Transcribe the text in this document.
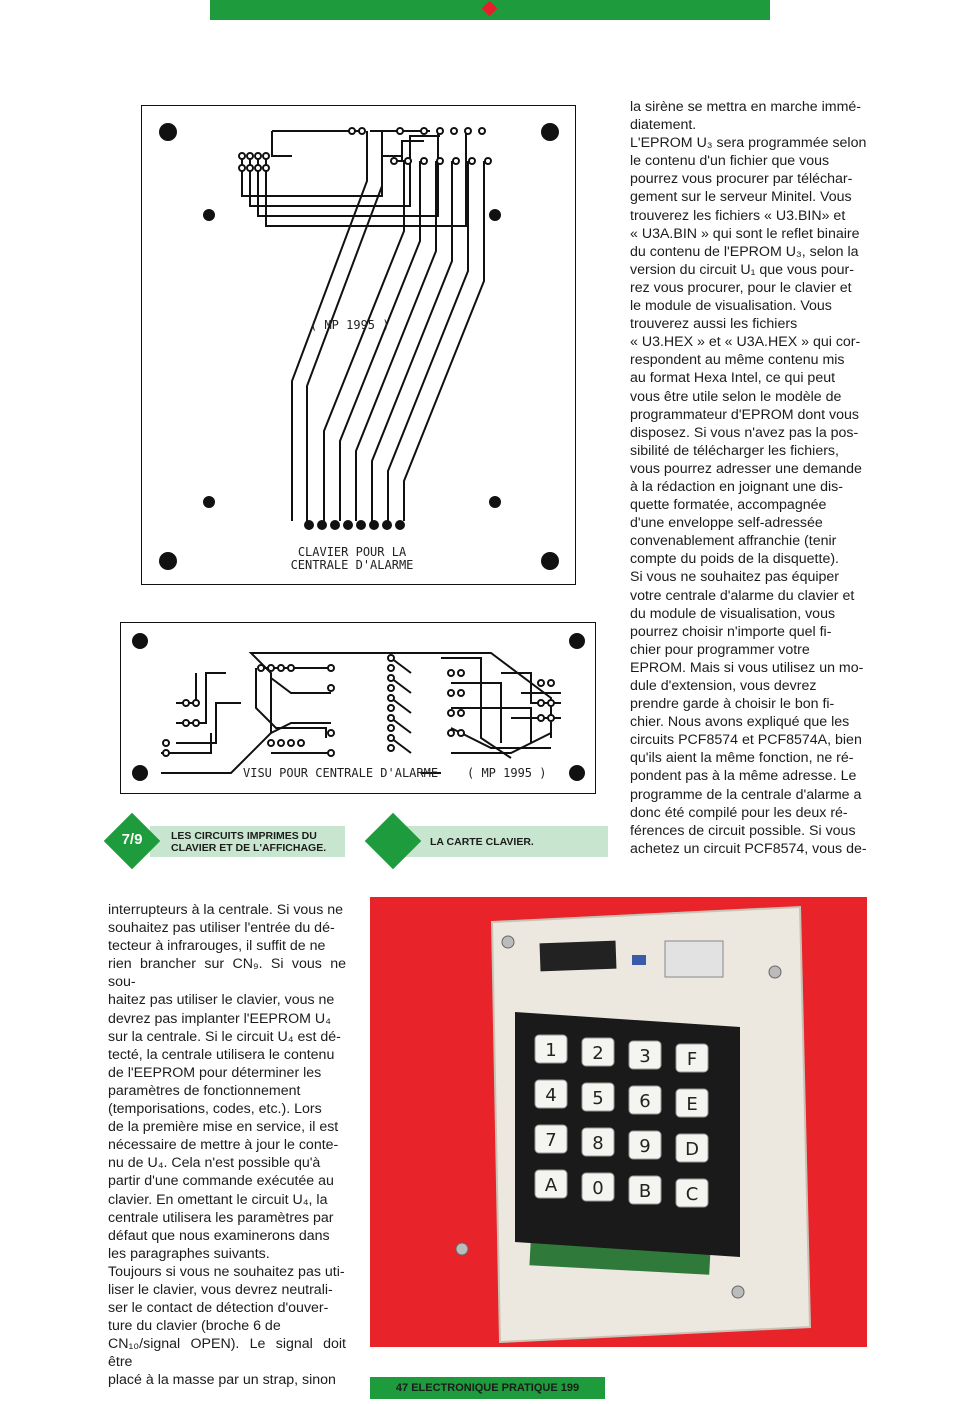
( MP 1995 )
CLAVIER POUR LA
CENTRALE D'ALARME
VISU POUR CENTRALE D'ALARME ( MP 1995 )
7/9	LES CIRCUITS IMPRIMES DU
CLAVIER ET DE L'AFFICHAGE.	LA CARTE CLAVIER.

la sirène se mettra en marche immé-

diatement.

L'EPROM U₃ sera programmée selon

le contenu d'un fichier que vous

pourrez vous procurer par téléchar-

gement sur le serveur Minitel. Vous

trouverez les fichiers « U3.BIN» et

« U3A.BIN » qui sont le reflet binaire

du contenu de l'EPROM U₃, selon la

version du circuit U₁ que vous pour-

rez vous procurer, pour le clavier et

le module de visualisation. Vous

trouverez aussi les fichiers

« U3.HEX » et « U3A.HEX » qui cor-

respondent au même contenu mis

au format Hexa Intel, ce qui peut

vous être utile selon le modèle de

programmateur d'EPROM dont vous

disposez. Si vous n'avez pas la pos-

sibilité de télécharger les fichiers,

vous pourrez adresser une demande

à la rédaction en joignant une dis-

quette formatée, accompagnée

d'une enveloppe self-adressée

convenablement affranchie (tenir

compte du poids de la disquette).

Si vous ne souhaitez pas équiper

votre centrale d'alarme du clavier et

du module de visualisation, vous

pourrez choisir n'importe quel fi-

chier pour programmer votre

EPROM. Mais si vous utilisez un mo-

dule d'extension, vous devrez

prendre garde à choisir le bon fi-

chier. Nous avons expliqué que les

circuits PCF8574 et PCF8574A, bien

qu'ils aient la même fonction, ne ré-

pondent pas à la même adresse. Le

programme de la centrale d'alarme a

donc été compilé pour les deux ré-

férences de circuit possible. Si vous

achetez un circuit PCF8574, vous de-

interrupteurs à la centrale. Si vous ne

souhaitez pas utiliser l'entrée du dé-

tecteur à infrarouges, il suffit de ne

rien brancher sur CN₉. Si vous ne sou-

haitez pas utiliser le clavier, vous ne

devrez pas implanter l'EEPROM U₄

sur la centrale. Si le circuit U₄ est dé-

tecté, la centrale utilisera le contenu

de l'EEPROM pour déterminer les

paramètres de fonctionnement

(temporisations, codes, etc.). Lors

de la première mise en service, il est

nécessaire de mettre à jour le conte-

nu de U₄. Cela n'est possible qu'à

partir d'une commande exécutée au

clavier. En omettant le circuit U₄, la

centrale utilisera les paramètres par

défaut que nous examinerons dans

les paragraphes suivants.

Toujours si vous ne souhaitez pas uti-

liser le clavier, vous devrez neutrali-

ser le contact de détection d'ouver-

ture du clavier (broche 6 de

CN₁₀/signal OPEN). Le signal doit être

placé à la masse par un strap, sinon

1 2 3 F
4 5 6 E
7 8 9 D
A 0 B C
47 ELECTRONIQUE PRATIQUE 199
